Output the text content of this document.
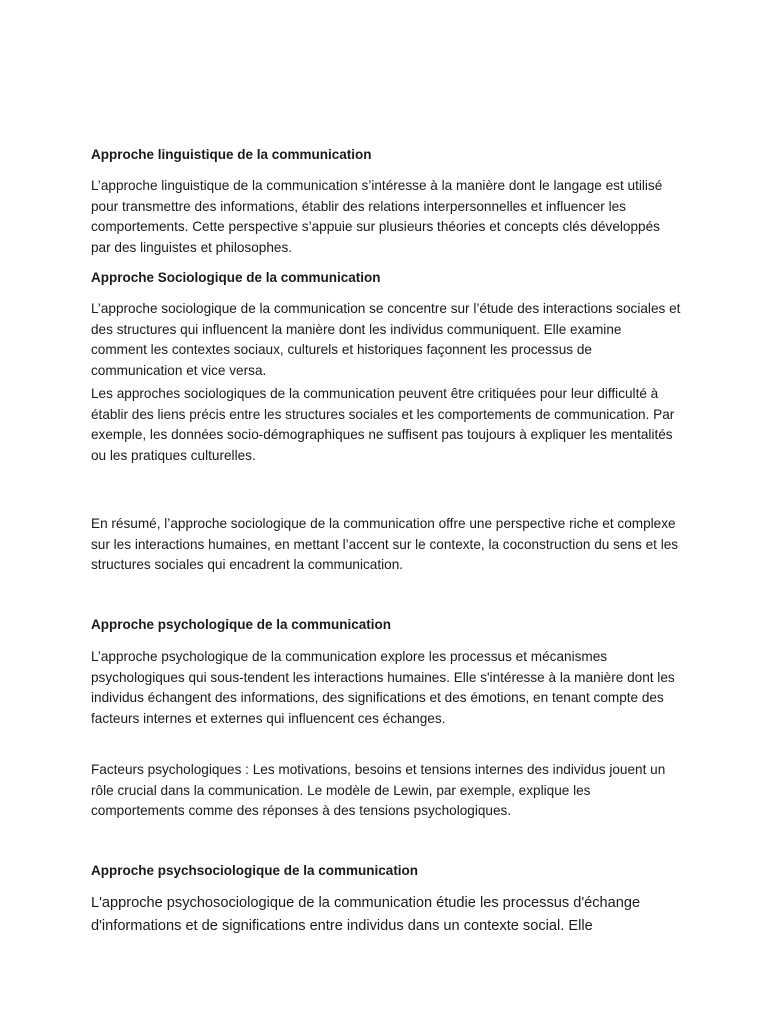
Approche linguistique de la communication

L’approche linguistique de la communication s’intéresse à la manière dont le langage est utilisé pour transmettre des informations, établir des relations interpersonnelles et influencer les comportements. Cette perspective s’appuie sur plusieurs théories et concepts clés développés par des linguistes et philosophes.

Approche Sociologique de la communication

L’approche sociologique de la communication se concentre sur l’étude des interactions sociales et des structures qui influencent la manière dont les individus communiquent. Elle examine comment les contextes sociaux, culturels et historiques façonnent les processus de communication et vice versa.

Les approches sociologiques de la communication peuvent être critiquées pour leur difficulté à établir des liens précis entre les structures sociales et les comportements de communication. Par exemple, les données socio-démographiques ne suffisent pas toujours à expliquer les mentalités ou les pratiques culturelles.

En résumé, l’approche sociologique de la communication offre une perspective riche et complexe sur les interactions humaines, en mettant l’accent sur le contexte, la coconstruction du sens et les structures sociales qui encadrent la communication.

Approche psychologique de la communication

L’approche psychologique de la communication explore les processus et mécanismes psychologiques qui sous-tendent les interactions humaines. Elle s'intéresse à la manière dont les individus échangent des informations, des significations et des émotions, en tenant compte des facteurs internes et externes qui influencent ces échanges.

Facteurs psychologiques : Les motivations, besoins et tensions internes des individus jouent un rôle crucial dans la communication. Le modèle de Lewin, par exemple, explique les comportements comme des réponses à des tensions psychologiques.

Approche psychsociologique de la communication

L'approche psychosociologique de la communication étudie les processus d'échange d'informations et de significations entre individus dans un contexte social. Elle
